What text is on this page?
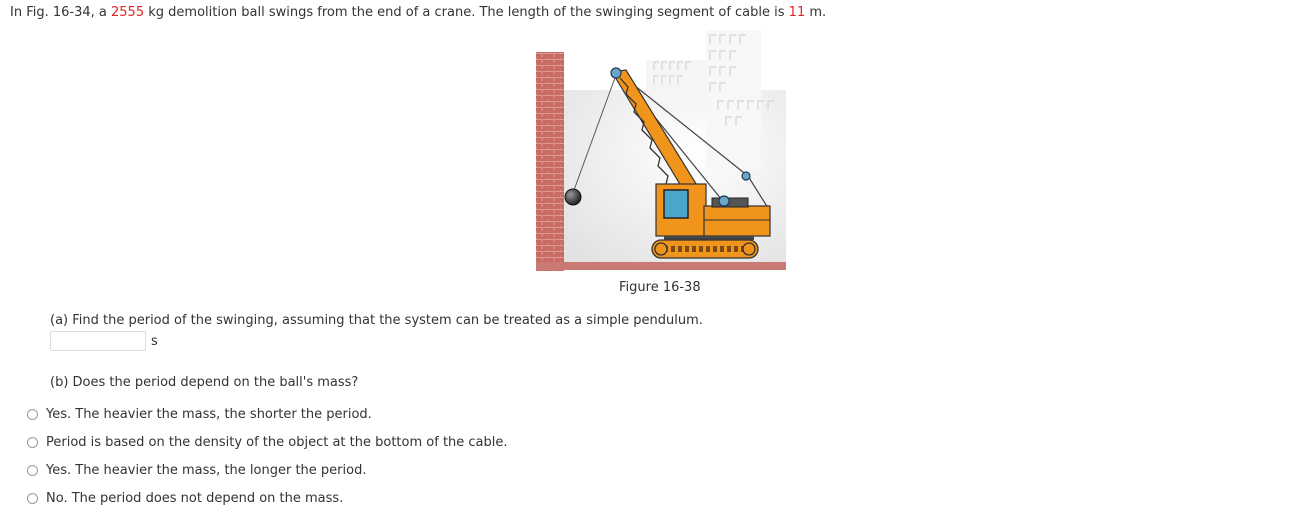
In Fig. 16-34, a 2555 kg demolition ball swings from the end of a crane. The length of the swinging segment of cable is 11 m.
Figure 16-38
(a) Find the period of the swinging, assuming that the system can be treated as a simple pendulum.
s
(b) Does the period depend on the ball's mass?
Yes. The heavier the mass, the shorter the period.
Period is based on the density of the object at the bottom of the cable.
Yes. The heavier the mass, the longer the period.
No. The period does not depend on the mass.
